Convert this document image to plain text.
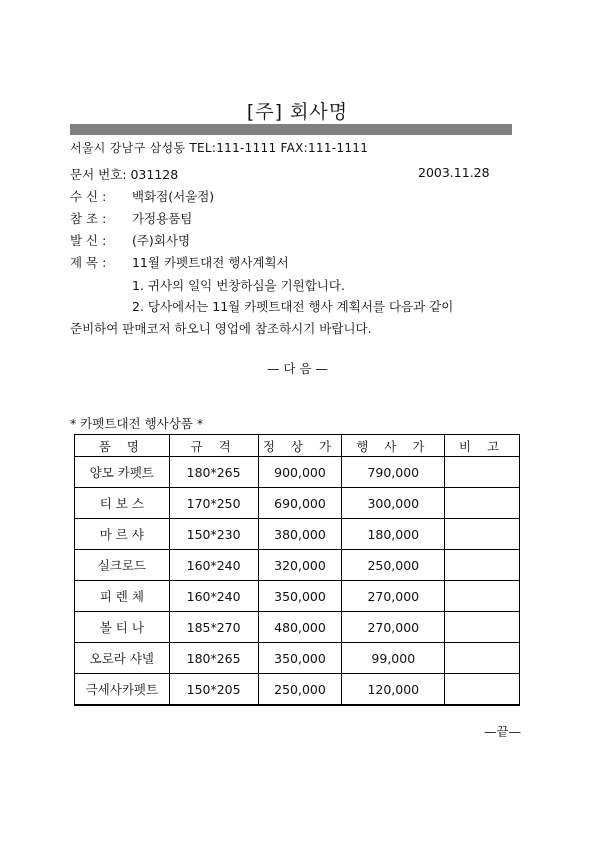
[주] 회사명
서울시 강남구 삼성동 TEL:111-1111 FAX:111-1111
문서 번호: 031128	2003.11.28
수 신 : 백화점(서울점)
참 조 : 가정용품팀
발 신 : (주)회사명
제 목 : 11월 카펫트대전 행사계획서
1. 귀사의 일익 번창하심을 기원합니다.
2. 당사에서는 11월 카펫트대전 행사 계획서를 다음과 같이
준비하여 판매코저 하오니 영업에 참조하시기 바랍니다.
— 다 음 —
* 카펫트대전 행사상품 *
품 명	규 격	정 상 가	행 사 가	비 고
양모 카펫트	180*265	900,000	790,000	
티 보 스	170*250	690,000	300,000	
마 르 샤	150*230	380,000	180,000	
실크로드	160*240	320,000	250,000	
피 렌 체	160*240	350,000	270,000	
볼 티 나	185*270	480,000	270,000	
오로라 샤넬	180*265	350,000	99,000	
극세사카펫트	150*205	250,000	120,000	
—끝—
